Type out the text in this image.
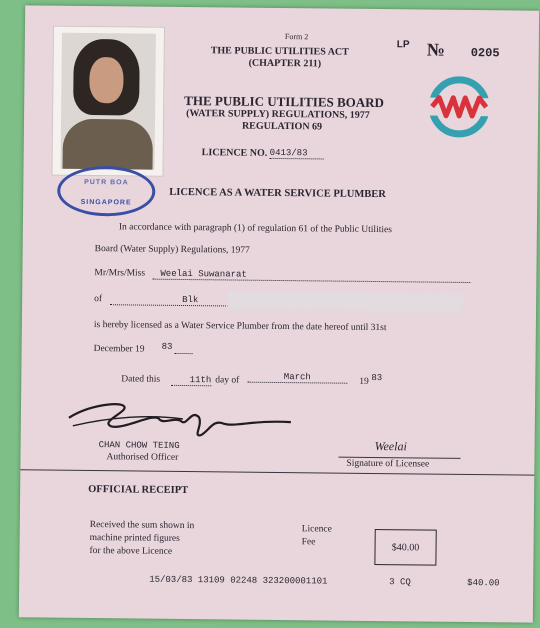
PUTR BOA
SINGAPORE
Form 2
THE PUBLIC UTILITIES ACT
(CHAPTER 211)
LP № 0205
THE PUBLIC UTILITIES BOARD
(WATER SUPPLY) REGULATIONS, 1977
REGULATION 69
LICENCE NO. 0413/83
LICENCE AS A WATER SERVICE PLUMBER
In accordance with paragraph (1) of regulation 61 of the Public Utilities
Board (Water Supply) Regulations, 1977
Mr/Mrs/Miss	Weelai Suwanarat
of	Blk
is hereby licensed as a Water Service Plumber from the date hereof until 31st
December 19 83
Dated this	11th day of	March	19 83
CHAN CHOW TEING
Authorised Officer
Weelai
Signature of Licensee
OFFICIAL RECEIPT
Received the sum shown in
machine printed figures
for the above Licence
Licence
Fee	$40.00
15/03/83 13109 02248 323200001101	3 CQ	$40.00
